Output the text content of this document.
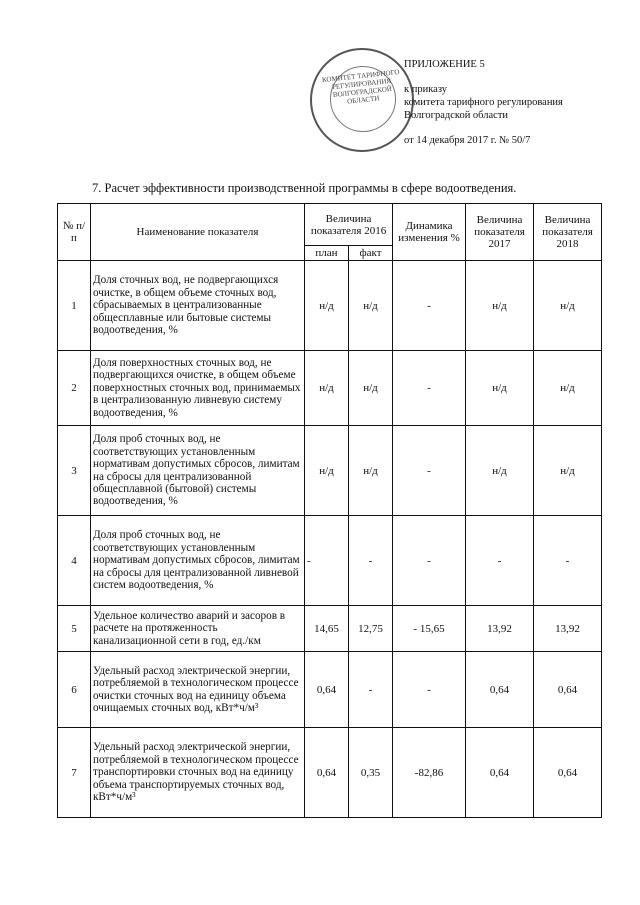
КОМИТЕТ ТАРИФНОГО РЕГУЛИРОВАНИЯ ВОЛГОГРАДСКОЙ ОБЛАСТИ
ПРИЛОЖЕНИЕ 5
к приказу
комитета тарифного регулирования
Волгоградской области
от 14 декабря 2017 г. № 50/7
7. Расчет эффективности производственной программы в сфере водоотведения.
№ п/п	Наименование показателя	Величина показателя 2016		Динамика изменения %	Величина показателя 2017	Величина показателя 2018
		план	факт			
1	Доля сточных вод, не подвергающихся очистке, в общем объеме сточных вод, сбрасываемых в централизованные общесплавные или бытовые системы водоотведения, %	н/д	н/д	-	н/д	н/д
2	Доля поверхностных сточных вод, не подвергающихся очистке, в общем объеме поверхностных сточных вод, принимаемых в централизованную ливневую систему водоотведения, %	н/д	н/д	-	н/д	н/д
3	Доля проб сточных вод, не соответствующих установленным нормативам допустимых сбросов, лимитам на сбросы для централизованной общесплавной (бытовой) системы водоотведения, %	н/д	н/д	-	н/д	н/д
4	Доля проб сточных вод, не соответствующих установленным нормативам допустимых сбросов, лимитам на сбросы для централизованной ливневой систем водоотведения, %	-	-	-	-	-
5	Удельное количество аварий и засоров в расчете на протяженность канализационной сети в год, ед./км	14,65	12,75	- 15,65	13,92	13,92
6	Удельный расход электрической энергии, потребляемой в технологическом процессе очистки сточных вод на единицу объема очищаемых сточных вод, кВт*ч/м³	0,64	-	-	0,64	0,64
7	Удельный расход электрической энергии, потребляемой в технологическом процессе транспортировки сточных вод на единицу объема транспортируемых сточных вод, кВт*ч/м³	0,64	0,35	-82,86	0,64	0,64
